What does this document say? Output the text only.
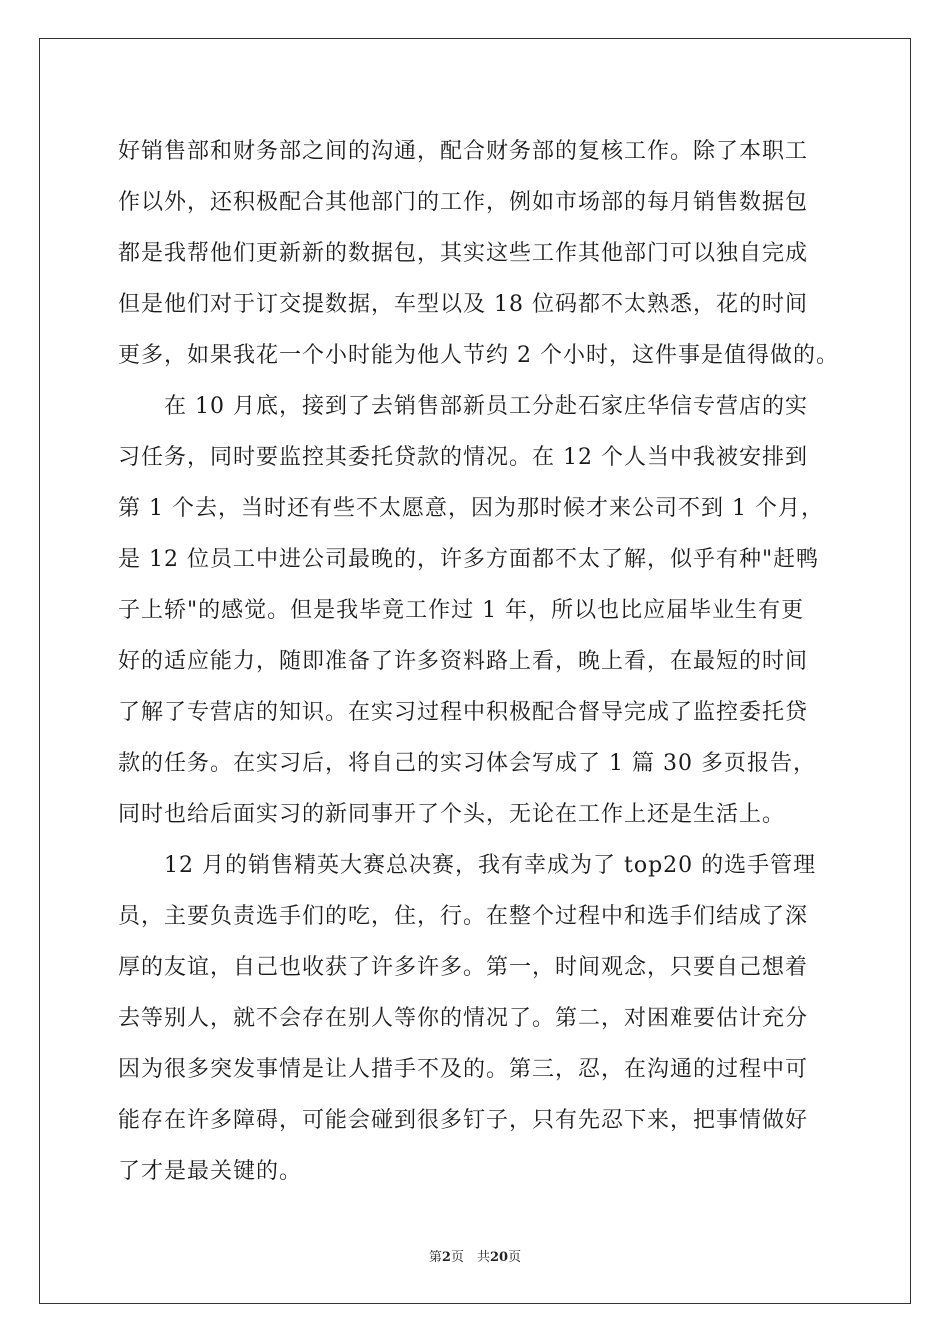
好销售部和财务部之间的沟通，配合财务部的复核工作。除了本职工
作以外，还积极配合其他部门的工作，例如市场部的每月销售数据包
都是我帮他们更新新的数据包，其实这些工作其他部门可以独自完成
但是他们对于订交提数据，车型以及 18 位码都不太熟悉，花的时间
更多，如果我花一个小时能为他人节约 2 个小时，这件事是值得做的。
在 10 月底，接到了去销售部新员工分赴石家庄华信专营店的实
习任务，同时要监控其委托贷款的情况。在 12 个人当中我被安排到
第 1 个去，当时还有些不太愿意，因为那时候才来公司不到 1 个月，
是 12 位员工中进公司最晚的，许多方面都不太了解，似乎有种"赶鸭
子上轿"的感觉。但是我毕竟工作过 1 年，所以也比应届毕业生有更
好的适应能力，随即准备了许多资料路上看，晚上看，在最短的时间
了解了专营店的知识。在实习过程中积极配合督导完成了监控委托贷
款的任务。在实习后，将自己的实习体会写成了 1 篇 30 多页报告，
同时也给后面实习的新同事开了个头，无论在工作上还是生活上。
12 月的销售精英大赛总决赛，我有幸成为了 top20 的选手管理
员，主要负责选手们的吃，住，行。在整个过程中和选手们结成了深
厚的友谊，自己也收获了许多许多。第一，时间观念，只要自己想着
去等别人，就不会存在别人等你的情况了。第二，对困难要估计充分
因为很多突发事情是让人措手不及的。第三，忍，在沟通的过程中可
能存在许多障碍，可能会碰到很多钉子，只有先忍下来，把事情做好
了才是最关键的。
第2页　共20页
